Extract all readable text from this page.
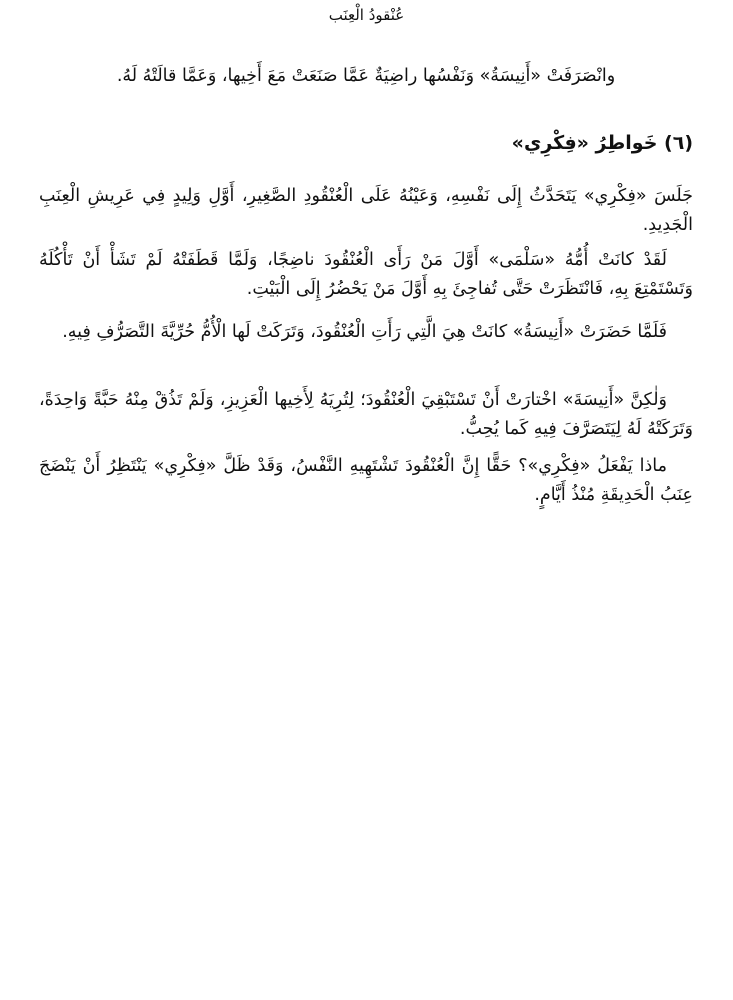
عُنْقودُ الْعِنَب

وانْصَرَفَتْ «أَنِيسَةُ» وَنَفْسُها راضِيَةٌ عَمَّا صَنَعَتْ مَعَ أَخِيها، وَعَمَّا قالَتْهُ لَهُ.

(٦) خَواطِرُ «فِكْرِي»

جَلَسَ «فِكْرِي» يَتَحَدَّثُ إِلَى نَفْسِهِ، وَعَيْنُهُ عَلَى الْعُنْقُودِ الصَّغِيرِ، أَوَّلِ وَلِيدٍ فِي عَرِيشِ الْعِنَبِ الْجَدِيدِ.

لَقَدْ كانَتْ أُمُّهُ «سَلْمَى» أَوَّلَ مَنْ رَأَى الْعُنْقُودَ ناضِجًا، وَلَمَّا قَطَفَتْهُ لَمْ تَشَأْ أَنْ تَأْكُلَهُ وَتَسْتَمْتِعَ بِهِ، فَانْتَظَرَتْ حَتَّى تُفاجِئَ بِهِ أَوَّلَ مَنْ يَحْضُرُ إِلَى الْبَيْتِ.

فَلَمَّا حَضَرَتْ «أَنِيسَةُ» كانَتْ هِيَ الَّتِي رَأَتِ الْعُنْقُودَ، وَتَرَكَتْ لَها الْأُمُّ حُرِّيَّةَ التَّصَرُّفِ فِيهِ.

وَلٰكِنَّ «أَنِيسَةَ» اخْتارَتْ أَنْ تَسْتَبْقِيَ الْعُنْقُودَ؛ لِتُرِيَهُ لِأَخِيها الْعَزِيزِ، وَلَمْ تَذُقْ مِنْهُ حَبَّةً وَاحِدَةً، وَتَرَكَتْهُ لَهُ لِيَتَصَرَّفَ فِيهِ كَما يُحِبُّ.

ماذا يَفْعَلُ «فِكْرِي»؟ حَقًّا إِنَّ الْعُنْقُودَ تَشْتَهِيهِ النَّفْسُ، وَقَدْ ظَلَّ «فِكْرِي» يَنْتَظِرُ أَنْ يَنْضَجَ عِنَبُ الْحَدِيقَةِ مُنْذُ أَيَّامٍ.
